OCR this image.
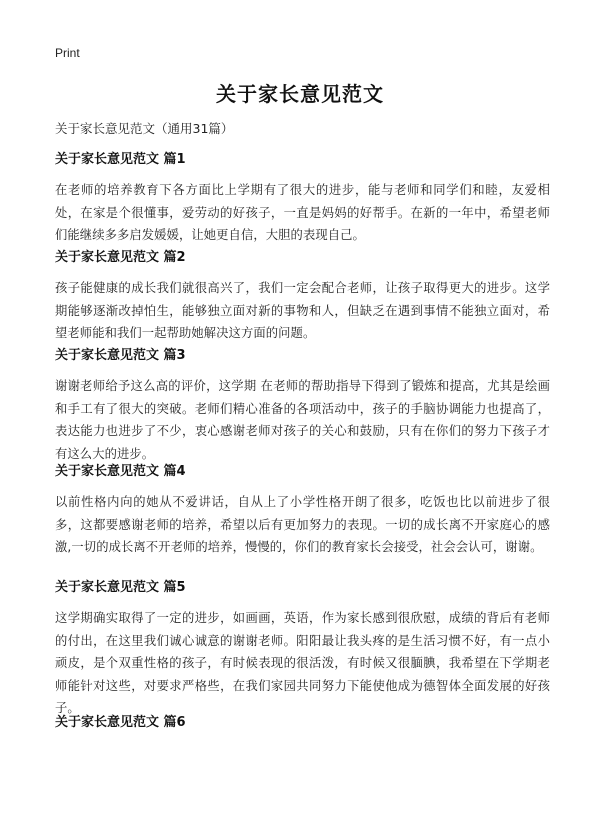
Print
关于家长意见范文
关于家长意见范文（通用31篇）
关于家长意见范文 篇1
在老师的培养教育下各方面比上学期有了很大的进步，能与老师和同学们和睦，友爱相处，在家是个很懂事，爱劳动的好孩子，一直是妈妈的好帮手。在新的一年中，希望老师们能继续多多启发媛媛，让她更自信，大胆的表现自己。
关于家长意见范文 篇2
孩子能健康的成长我们就很高兴了，我们一定会配合老师，让孩子取得更大的进步。这学期能够逐渐改掉怕生，能够独立面对新的事物和人，但缺乏在遇到事情不能独立面对，希望老师能和我们一起帮助她解决这方面的问题。
关于家长意见范文 篇3
谢谢老师给予这么高的评价，这学期 在老师的帮助指导下得到了锻炼和提高，尤其是绘画和手工有了很大的突破。老师们精心准备的各项活动中，孩子的手脑协调能力也提高了，表达能力也进步了不少，衷心感谢老师对孩子的关心和鼓励，只有在你们的努力下孩子才有这么大的进步。
关于家长意见范文 篇4
以前性格内向的她从不爱讲话，自从上了小学性格开朗了很多，吃饭也比以前进步了很多，这都要感谢老师的培养，希望以后有更加努力的表现。一切的成长离不开家庭心的感激,一切的成长离不开老师的培养，慢慢的，你们的教育家长会接受，社会会认可，谢谢。
关于家长意见范文 篇5
这学期确实取得了一定的进步，如画画，英语，作为家长感到很欣慰，成绩的背后有老师的付出，在这里我们诚心诚意的谢谢老师。阳阳最让我头疼的是生活习惯不好，有一点小顽皮，是个双重性格的孩子，有时候表现的很活泼，有时候又很腼腆，我希望在下学期老师能针对这些，对要求严格些，在我们家园共同努力下能使他成为德智体全面发展的好孩子。
关于家长意见范文 篇6
